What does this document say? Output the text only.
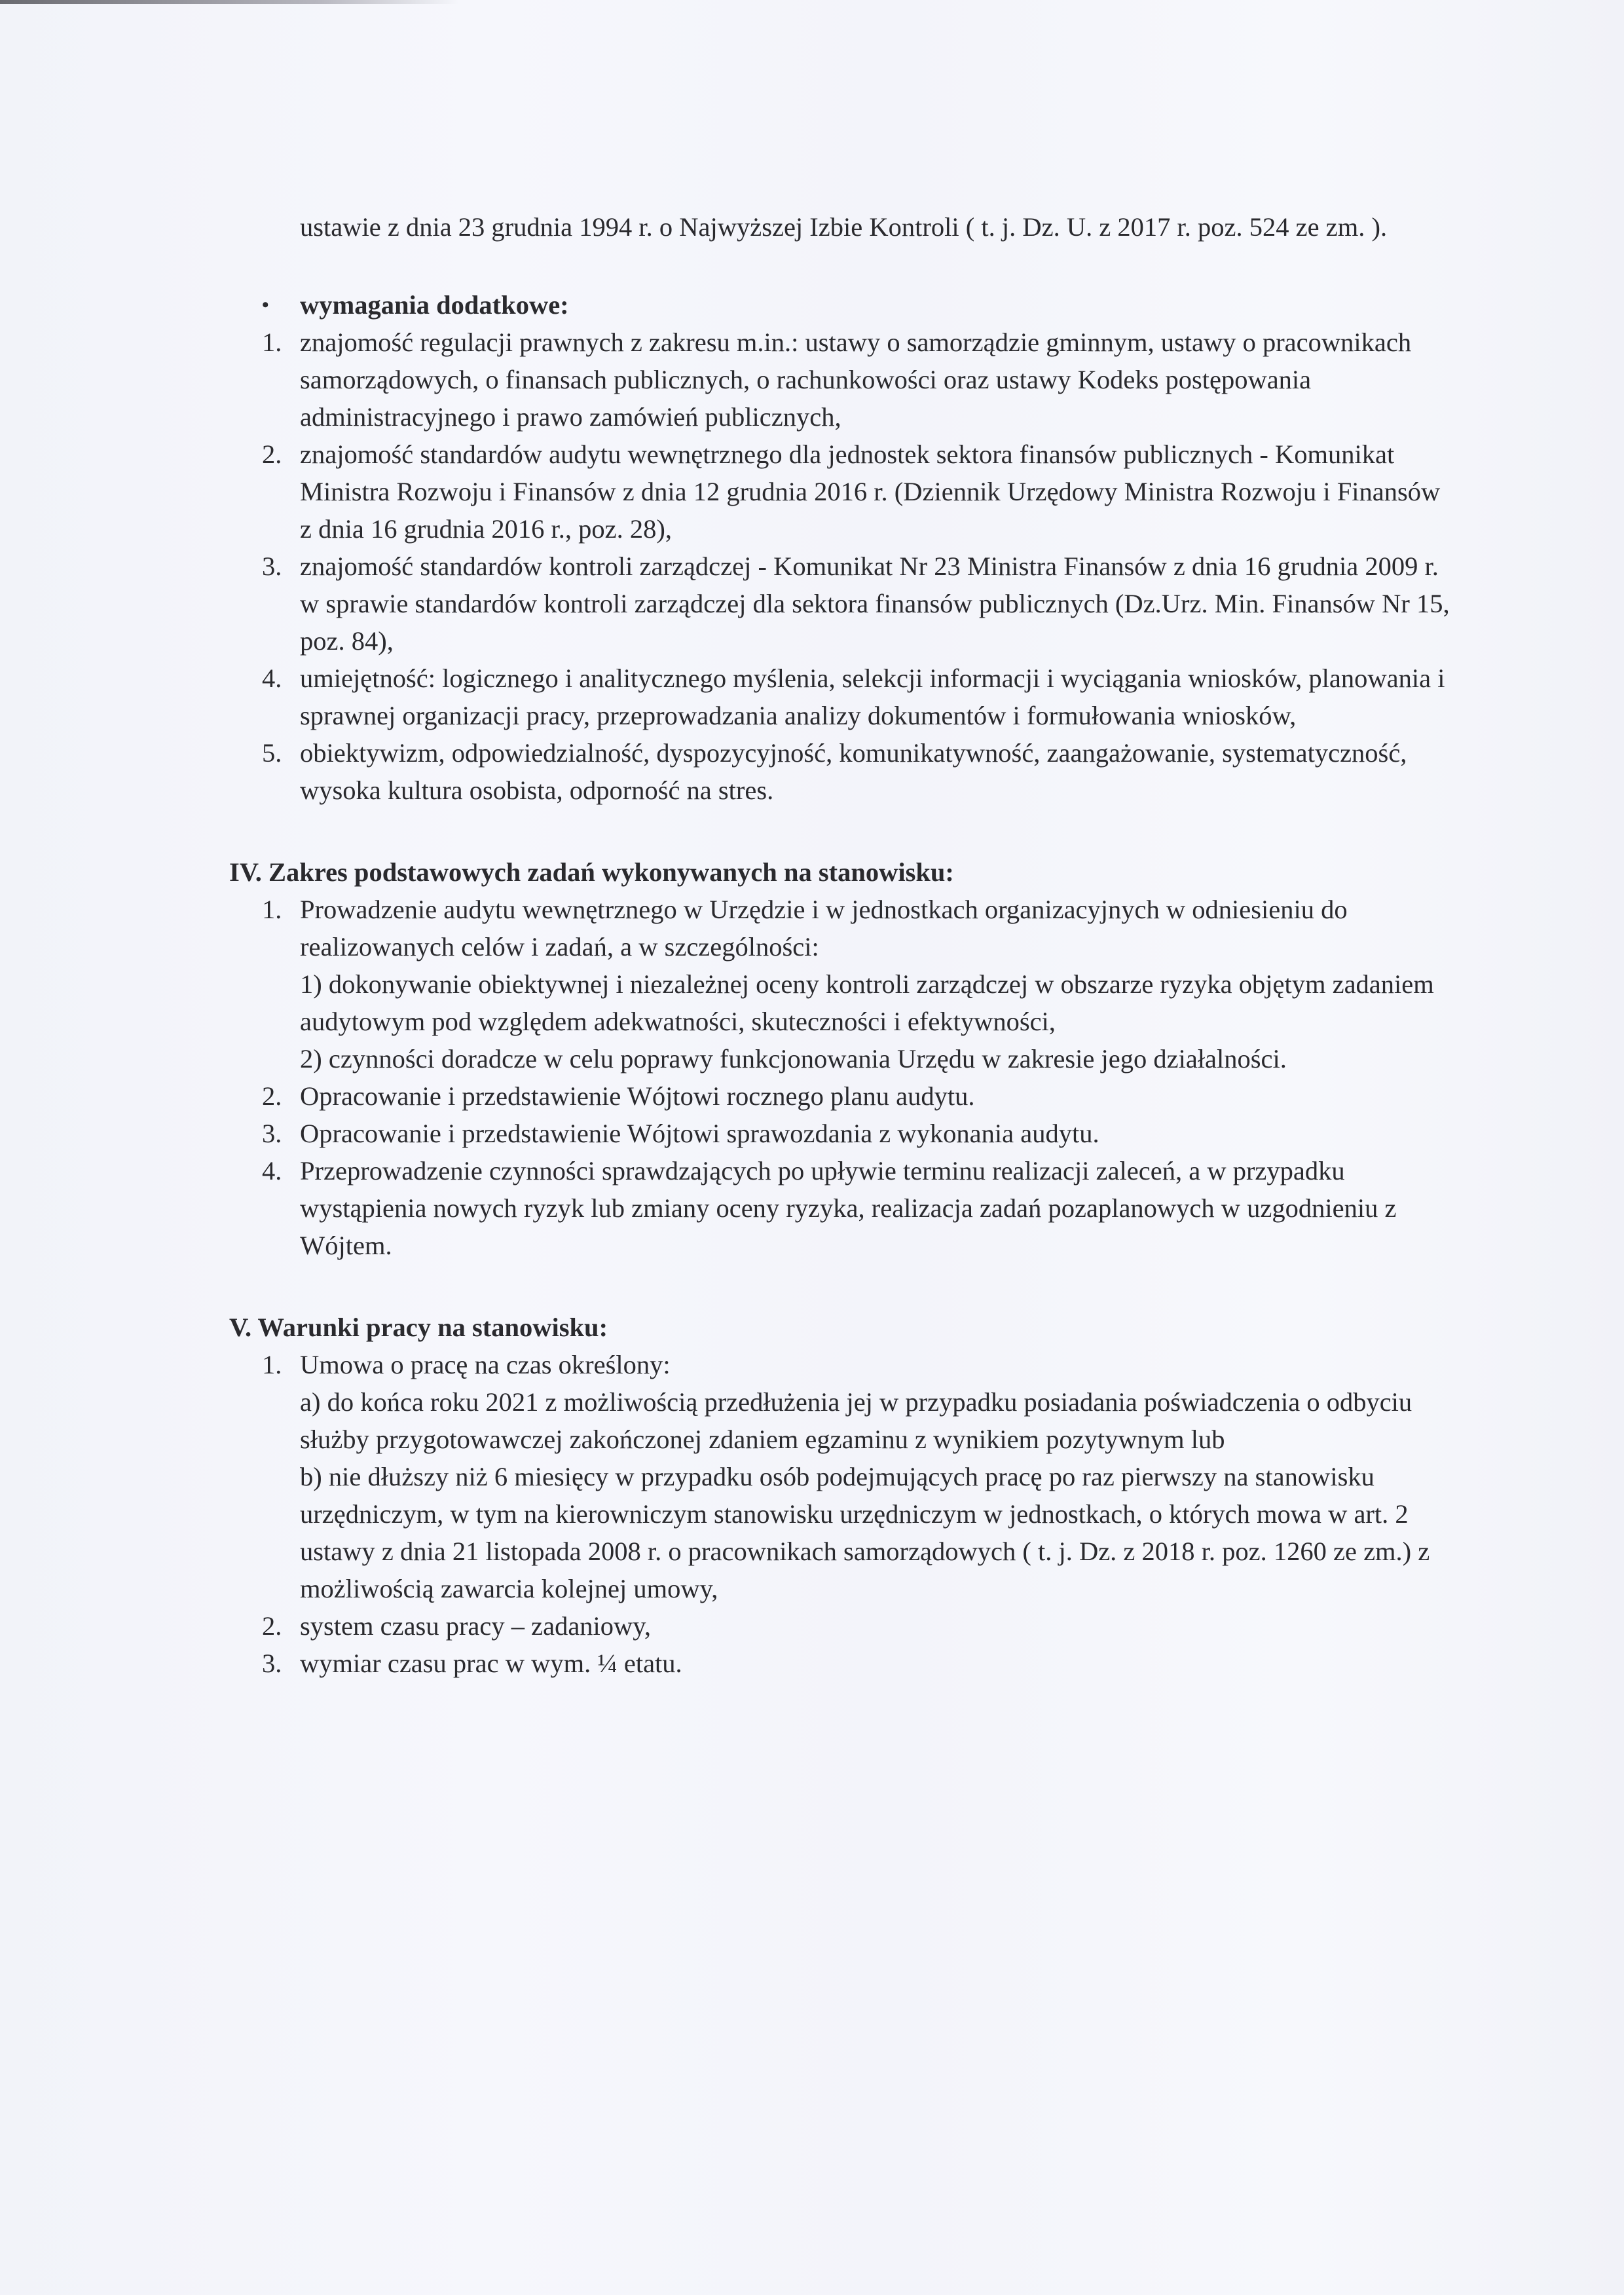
ustawie z dnia 23 grudnia 1994 r. o Najwyższej Izbie Kontroli ( t. j. Dz. U. z 2017 r. poz. 524 ze zm. ).

•	wymagania dodatkowe:
1. znajomość regulacji prawnych z zakresu m.in.: ustawy o samorządzie gminnym, ustawy o pracownikach samorządowych, o finansach publicznych, o rachunkowości oraz ustawy Kodeks postępowania administracyjnego i prawo zamówień publicznych,
2. znajomość standardów audytu wewnętrznego dla jednostek sektora finansów publicznych - Komunikat Ministra Rozwoju i Finansów z dnia 12 grudnia 2016 r. (Dziennik Urzędowy Ministra Rozwoju i Finansów z dnia 16 grudnia 2016 r., poz. 28),
3. znajomość standardów kontroli zarządczej - Komunikat Nr 23 Ministra Finansów z dnia 16 grudnia 2009 r. w sprawie standardów kontroli zarządczej dla sektora finansów publicznych (Dz.Urz. Min. Finansów Nr 15, poz. 84),
4. umiejętność: logicznego i analitycznego myślenia, selekcji informacji i wyciągania wniosków, planowania i sprawnej organizacji pracy, przeprowadzania analizy dokumentów i formułowania wniosków,
5. obiektywizm, odpowiedzialność, dyspozycyjność, komunikatywność, zaangażowanie, systematyczność, wysoka kultura osobista, odporność na stres.
IV. Zakres podstawowych zadań wykonywanych na stanowisku:
1. Prowadzenie audytu wewnętrznego w Urzędzie i w jednostkach organizacyjnych w odniesieniu do realizowanych celów i zadań, a w szczególności:
1) dokonywanie obiektywnej i niezależnej oceny kontroli zarządczej w obszarze ryzyka objętym zadaniem audytowym pod względem adekwatności, skuteczności i efektywności,
2) czynności doradcze w celu poprawy funkcjonowania Urzędu w zakresie jego działalności.
2. Opracowanie i przedstawienie Wójtowi rocznego planu audytu.
3. Opracowanie i przedstawienie Wójtowi sprawozdania z wykonania audytu.
4. Przeprowadzenie czynności sprawdzających po upływie terminu realizacji zaleceń, a w przypadku wystąpienia nowych ryzyk lub zmiany oceny ryzyka, realizacja zadań pozaplanowych w uzgodnieniu z Wójtem.
V. Warunki pracy na stanowisku:
1. Umowa o pracę na czas określony:
a) do końca roku 2021 z możliwością przedłużenia jej w przypadku posiadania poświadczenia o odbyciu służby przygotowawczej zakończonej zdaniem egzaminu z wynikiem pozytywnym lub
b) nie dłuższy niż 6 miesięcy w przypadku osób podejmujących pracę po raz pierwszy na stanowisku urzędniczym, w tym na kierowniczym stanowisku urzędniczym w jednostkach, o których mowa w art. 2 ustawy z dnia 21 listopada 2008 r. o pracownikach samorządowych ( t. j. Dz. z 2018 r. poz. 1260 ze zm.) z możliwością zawarcia kolejnej umowy,
2. system czasu pracy – zadaniowy,
3. wymiar czasu prac w wym. ¼ etatu.
